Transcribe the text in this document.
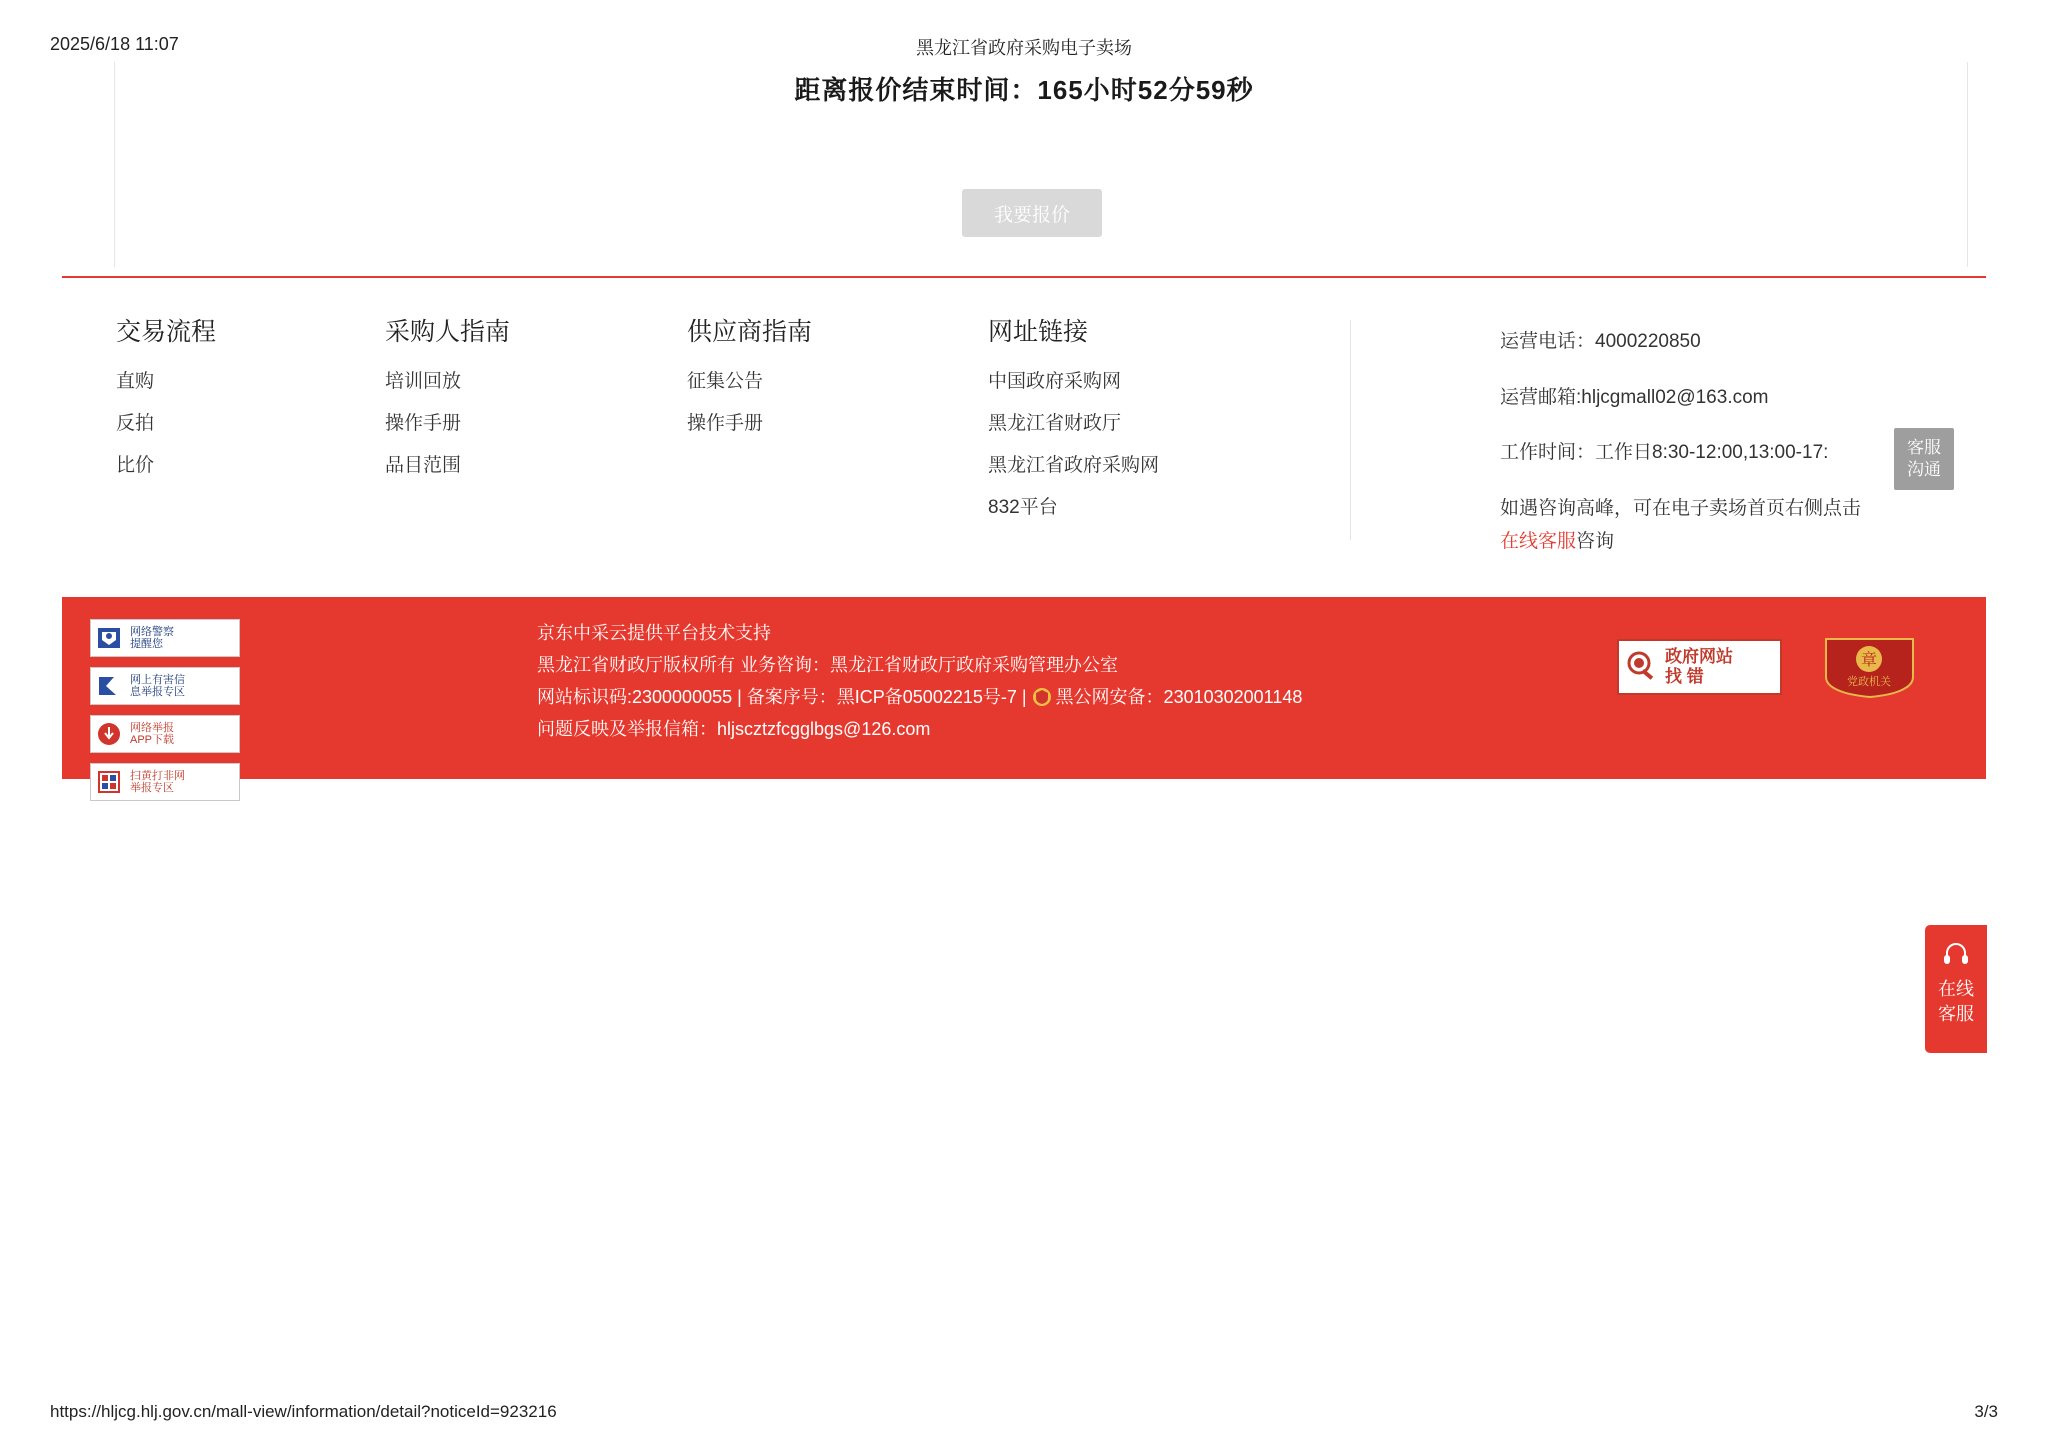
2025/6/18 11:07	黑龙江省政府采购电子卖场
距离报价结束时间：165小时52分59秒
我要报价
交易流程
直购
反拍
比价
采购人指南
培训回放
操作手册
品目范围
供应商指南
征集公告
操作手册
网址链接
中国政府采购网
黑龙江省财政厅
黑龙江省政府采购网
832平台

运营电话：4000220850

运营邮箱:hljcgmall02@163.com

工作时间：工作日8:30-12:00,13:00-17:

如遇咨询高峰，可在电子卖场首页右侧点击

在线客服咨询

客服
沟通
网络警察
提醒您

网上有害信
息举报专区

网络举报
APP下载

扫黄打非网
举报专区
京东中采云提供平台技术支持
黑龙江省财政厅版权所有 业务咨询：黑龙江省财政厅政府采购管理办公室
网站标识码:2300000055 | 备案序号：黑ICP备05002215号-7 | 黑公网安备：23010302001148
问题反映及举报信箱：hljscztzfcgglbgs@126.com
政府网站
找 错
章
党政机关
在线
客服
https://hljcg.hlj.gov.cn/mall-view/information/detail?noticeId=923216	3/3
